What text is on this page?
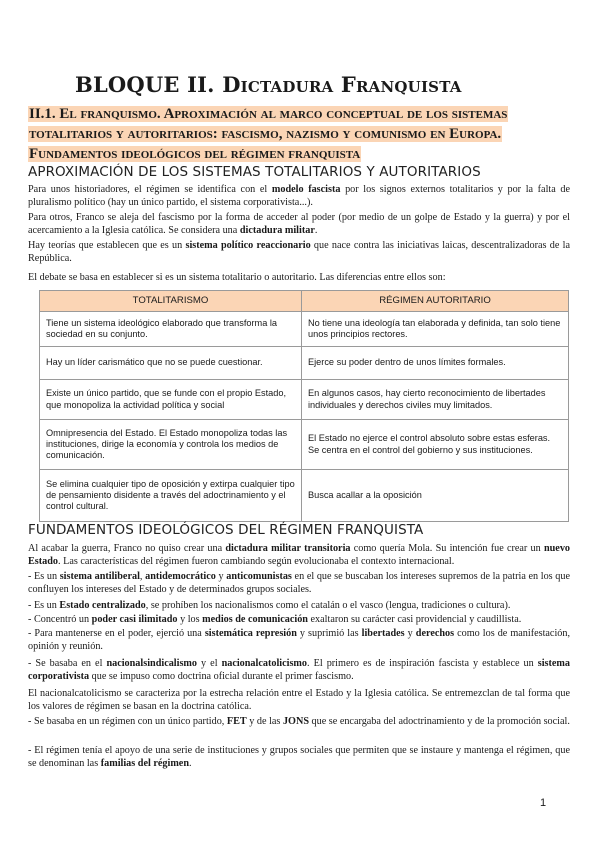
BLOQUE II. Dictadura Franquista
II.1. El franquismo. Aproximación al marco conceptual de los sistemas totalitarios y autoritarios: fascismo, nazismo y comunismo en Europa. Fundamentos ideológicos del régimen franquista
APROXIMACIÓN DE LOS SISTEMAS TOTALITARIOS Y AUTORITARIOS

Para unos historiadores, el régimen se identifica con el modelo fascista por los signos externos totalitarios y por la falta de pluralismo político (hay un único partido, el sistema corporativista...).

Para otros, Franco se aleja del fascismo por la forma de acceder al poder (por medio de un golpe de Estado y la guerra) y por el acercamiento a la Iglesia católica. Se considera una dictadura militar.

Hay teorías que establecen que es un sistema político reaccionario que nace contra las iniciativas laicas, descentralizadoras de la República.

El debate se basa en establecer si es un sistema totalitario o autoritario. Las diferencias entre ellos son:

TOTALITARISMO	RÉGIMEN AUTORITARIO
Tiene un sistema ideológico elaborado que transforma la sociedad en su conjunto.	No tiene una ideología tan elaborada y definida, tan solo tiene unos principios rectores.
Hay un líder carismático que no se puede cuestionar.	Ejerce su poder dentro de unos límites formales.
Existe un único partido, que se funde con el propio Estado, que monopoliza la actividad política y social	En algunos casos, hay cierto reconocimiento de libertades individuales y derechos civiles muy limitados.
Omnipresencia del Estado. El Estado monopoliza todas las instituciones, dirige la economía y controla los medios de comunicación.	El Estado no ejerce el control absoluto sobre estas esferas. Se centra en el control del gobierno y sus instituciones.
Se elimina cualquier tipo de oposición y extirpa cualquier tipo de pensamiento disidente a través del adoctrinamiento y el control cultural.	Busca acallar a la oposición
FUNDAMENTOS IDEOLÓGICOS DEL RÉGIMEN FRANQUISTA

Al acabar la guerra, Franco no quiso crear una dictadura militar transitoria como quería Mola. Su intención fue crear un nuevo Estado. Las características del régimen fueron cambiando según evolucionaba el contexto internacional.

- Es un sistema antiliberal, antidemocrático y anticomunistas en el que se buscaban los intereses supremos de la patria en los que confluyen los intereses del Estado y de determinados grupos sociales.

- Es un Estado centralizado, se prohíben los nacionalismos como el catalán o el vasco (lengua, tradiciones o cultura).

- Concentró un poder casi ilimitado y los medios de comunicación exaltaron su carácter casi providencial y caudillista.

- Para mantenerse en el poder, ejerció una sistemática represión y suprimió las libertades y derechos como los de manifestación, opinión y reunión.

- Se basaba en el nacionalsindicalismo y el nacionalcatolicismo. El primero es de inspiración fascista y establece un sistema corporativista que se impuso como doctrina oficial durante el primer fascismo.

El nacionalcatolicismo se caracteriza por la estrecha relación entre el Estado y la Iglesia católica. Se entremezclan de tal forma que los valores de régimen se basan en la doctrina católica.

- Se basaba en un régimen con un único partido, FET y de las JONS que se encargaba del adoctrinamiento y de la promoción social.

- El régimen tenía el apoyo de una serie de instituciones y grupos sociales que permiten que se instaure y mantenga el régimen, que se denominan las familias del régimen.

1
